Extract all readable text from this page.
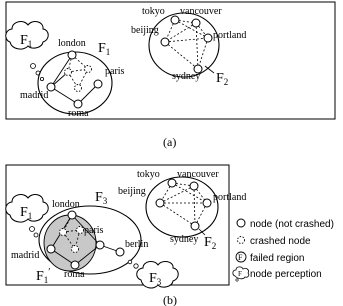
$F_1$	london
paris
madrid
roma
$F_1$
tokyo vancouver
beijing	portland
sydney $F_2$
(a)
$F_1$
london
paris
madrid
roma
berlin
$F_3$
$F_1'$	$F_3$
tokyo vancouver
beijing
portland
sydney $F_2$
node (not crashed)
crashed node
F failed region
F node perception
(b)
